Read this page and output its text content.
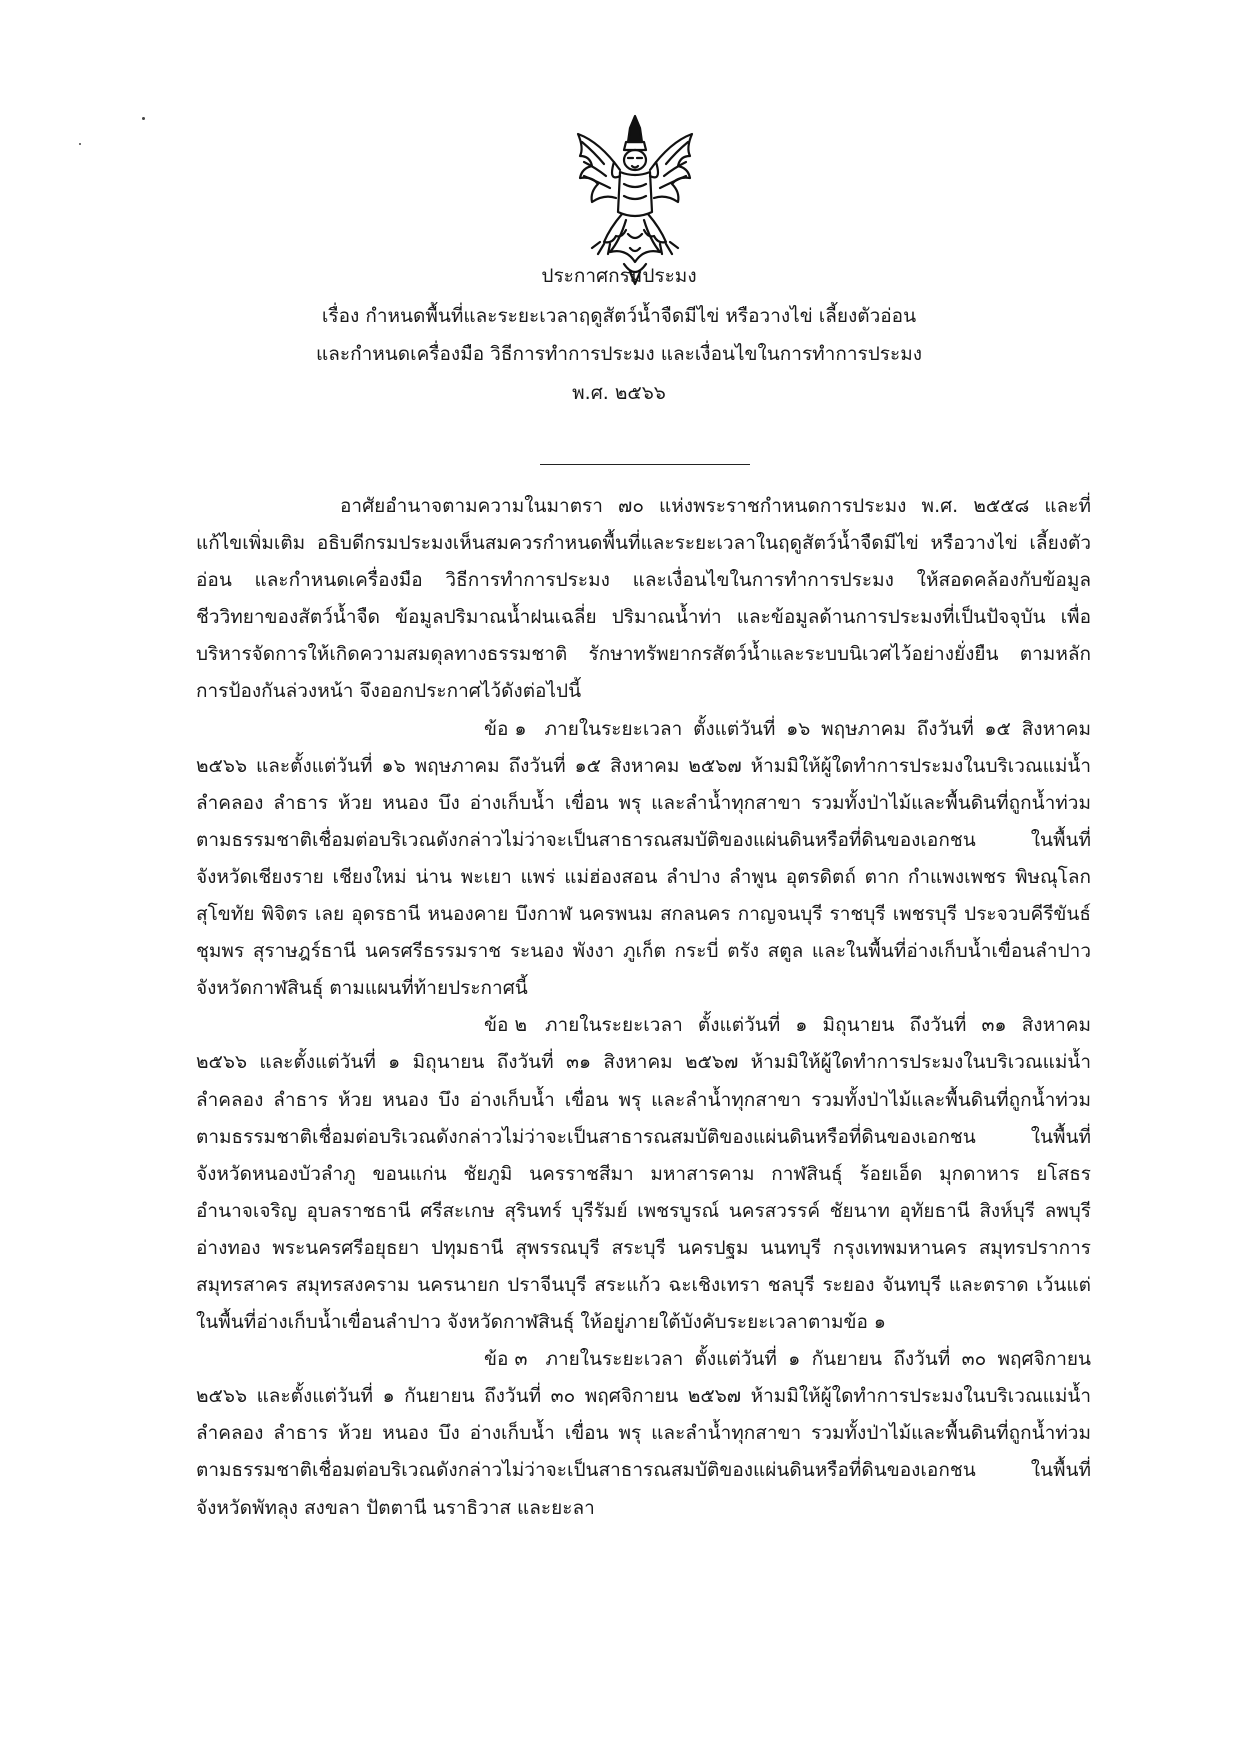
ประกาศกรมประมง
เรื่อง กำหนดพื้นที่และระยะเวลาฤดูสัตว์น้ำจืดมีไข่ หรือวางไข่ เลี้ยงตัวอ่อน
และกำหนดเครื่องมือ วิธีการทำการประมง และเงื่อนไขในการทำการประมง
พ.ศ. ๒๕๖๖

อาศัยอำนาจตามความในมาตรา ๗๐ แห่งพระราชกำหนดการประมง พ.ศ. ๒๕๕๘ และที่แก้ไขเพิ่มเติม อธิบดีกรมประมงเห็นสมควรกำหนดพื้นที่และระยะเวลาในฤดูสัตว์น้ำจืดมีไข่ หรือวางไข่ เลี้ยงตัวอ่อน และกำหนดเครื่องมือ วิธีการทำการประมง และเงื่อนไขในการทำการประมง ให้สอดคล้องกับข้อมูลชีววิทยาของสัตว์น้ำจืด ข้อมูลปริมาณน้ำฝนเฉลี่ย ปริมาณน้ำท่า และข้อมูลด้านการประมงที่เป็นปัจจุบัน เพื่อบริหารจัดการให้เกิดความสมดุลทางธรรมชาติ รักษาทรัพยากรสัตว์น้ำและระบบนิเวศไว้อย่างยั่งยืน ตามหลักการป้องกันล่วงหน้า จึงออกประกาศไว้ดังต่อไปนี้

ข้อ ๑ ภายในระยะเวลา ตั้งแต่วันที่ ๑๖ พฤษภาคม ถึงวันที่ ๑๕ สิงหาคม ๒๕๖๖ และตั้งแต่วันที่ ๑๖ พฤษภาคม ถึงวันที่ ๑๕ สิงหาคม ๒๕๖๗ ห้ามมิให้ผู้ใดทำการประมงในบริเวณแม่น้ำ ลำคลอง ลำธาร ห้วย หนอง บึง อ่างเก็บน้ำ เขื่อน พรุ และลำน้ำทุกสาขา รวมทั้งป่าไม้และพื้นดินที่ถูกน้ำท่วมตามธรรมชาติเชื่อมต่อบริเวณดังกล่าวไม่ว่าจะเป็นสาธารณสมบัติของแผ่นดินหรือที่ดินของเอกชน ในพื้นที่จังหวัดเชียงราย เชียงใหม่ น่าน พะเยา แพร่ แม่ฮ่องสอน ลำปาง ลำพูน อุตรดิตถ์ ตาก กำแพงเพชร พิษณุโลก สุโขทัย พิจิตร เลย อุดรธานี หนองคาย บึงกาฬ นครพนม สกลนคร กาญจนบุรี ราชบุรี เพชรบุรี ประจวบคีรีขันธ์ ชุมพร สุราษฎร์ธานี นครศรีธรรมราช ระนอง พังงา ภูเก็ต กระบี่ ตรัง สตูล และในพื้นที่อ่างเก็บน้ำเขื่อนลำปาว จังหวัดกาฬสินธุ์ ตามแผนที่ท้ายประกาศนี้

ข้อ ๒ ภายในระยะเวลา ตั้งแต่วันที่ ๑ มิถุนายน ถึงวันที่ ๓๑ สิงหาคม ๒๕๖๖ และตั้งแต่วันที่ ๑ มิถุนายน ถึงวันที่ ๓๑ สิงหาคม ๒๕๖๗ ห้ามมิให้ผู้ใดทำการประมงในบริเวณแม่น้ำ ลำคลอง ลำธาร ห้วย หนอง บึง อ่างเก็บน้ำ เขื่อน พรุ และลำน้ำทุกสาขา รวมทั้งป่าไม้และพื้นดินที่ถูกน้ำท่วมตามธรรมชาติเชื่อมต่อบริเวณดังกล่าวไม่ว่าจะเป็นสาธารณสมบัติของแผ่นดินหรือที่ดินของเอกชน ในพื้นที่จังหวัดหนองบัวลำภู ขอนแก่น ชัยภูมิ นครราชสีมา มหาสารคาม กาฬสินธุ์ ร้อยเอ็ด มุกดาหาร ยโสธร อำนาจเจริญ อุบลราชธานี ศรีสะเกษ สุรินทร์ บุรีรัมย์ เพชรบูรณ์ นครสวรรค์ ชัยนาท อุทัยธานี สิงห์บุรี ลพบุรี อ่างทอง พระนครศรีอยุธยา ปทุมธานี สุพรรณบุรี สระบุรี นครปฐม นนทบุรี กรุงเทพมหานคร สมุทรปราการ สมุทรสาคร สมุทรสงคราม นครนายก ปราจีนบุรี สระแก้ว ฉะเชิงเทรา ชลบุรี ระยอง จันทบุรี และตราด เว้นแต่ ในพื้นที่อ่างเก็บน้ำเขื่อนลำปาว จังหวัดกาฬสินธุ์ ให้อยู่ภายใต้บังคับระยะเวลาตามข้อ ๑

ข้อ ๓ ภายในระยะเวลา ตั้งแต่วันที่ ๑ กันยายน ถึงวันที่ ๓๐ พฤศจิกายน ๒๕๖๖ และตั้งแต่วันที่ ๑ กันยายน ถึงวันที่ ๓๐ พฤศจิกายน ๒๕๖๗ ห้ามมิให้ผู้ใดทำการประมงในบริเวณแม่น้ำ ลำคลอง ลำธาร ห้วย หนอง บึง อ่างเก็บน้ำ เขื่อน พรุ และลำน้ำทุกสาขา รวมทั้งป่าไม้และพื้นดินที่ถูกน้ำท่วมตามธรรมชาติเชื่อมต่อบริเวณดังกล่าวไม่ว่าจะเป็นสาธารณสมบัติของแผ่นดินหรือที่ดินของเอกชน ในพื้นที่จังหวัดพัทลุง สงขลา ปัตตานี นราธิวาส และยะลา
